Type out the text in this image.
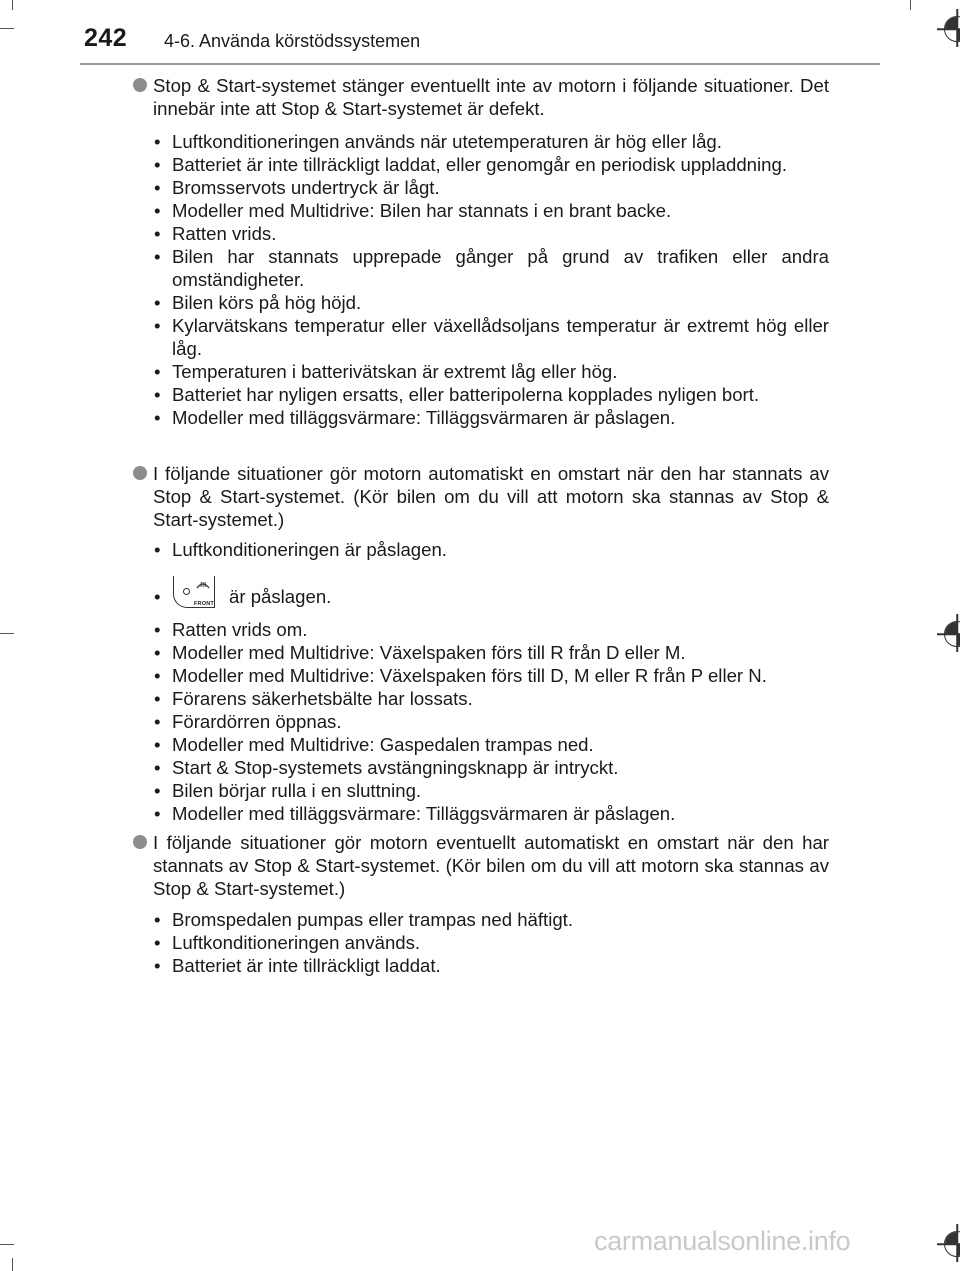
242 4-6. Använda körstödssystemen
Stop & Start-systemet stänger eventuellt inte av motorn i följande situationer. Det innebär inte att Stop & Start-systemet är defekt.
• Luftkonditioneringen används när utetemperaturen är hög eller låg.
• Batteriet är inte tillräckligt laddat, eller genomgår en periodisk uppladdning.
• Bromsservots undertryck är lågt.
• Modeller med Multidrive: Bilen har stannats i en brant backe.
• Ratten vrids.
• Bilen har stannats upprepade gånger på grund av trafiken eller andra omständigheter.
• Bilen körs på hög höjd.
• Kylarvätskans temperatur eller växellådsoljans temperatur är extremt hög eller låg.
• Temperaturen i batterivätskan är extremt låg eller hög.
• Batteriet har nyligen ersatts, eller batteripolerna kopplades nyligen bort.
• Modeller med tilläggsvärmare: Tilläggsvärmaren är påslagen.
I följande situationer gör motorn automatiskt en omstart när den har stannats av Stop & Start-systemet. (Kör bilen om du vill att motorn ska stannas av Stop & Start-systemet.)
• Luftkonditioneringen är påslagen.
•	FRONT är påslagen.
• Ratten vrids om.
• Modeller med Multidrive: Växelspaken förs till R från D eller M.
• Modeller med Multidrive: Växelspaken förs till D, M eller R från P eller N.
• Förarens säkerhetsbälte har lossats.
• Förardörren öppnas.
• Modeller med Multidrive: Gaspedalen trampas ned.
• Start & Stop-systemets avstängningsknapp är intryckt.
• Bilen börjar rulla i en sluttning.
• Modeller med tilläggsvärmare: Tilläggsvärmaren är påslagen.
I följande situationer gör motorn eventuellt automatiskt en omstart när den har stannats av Stop & Start-systemet. (Kör bilen om du vill att motorn ska stannas av Stop & Start-systemet.)
• Bromspedalen pumpas eller trampas ned häftigt.
• Luftkonditioneringen används.
• Batteriet är inte tillräckligt laddat.
carmanualsonline.info
